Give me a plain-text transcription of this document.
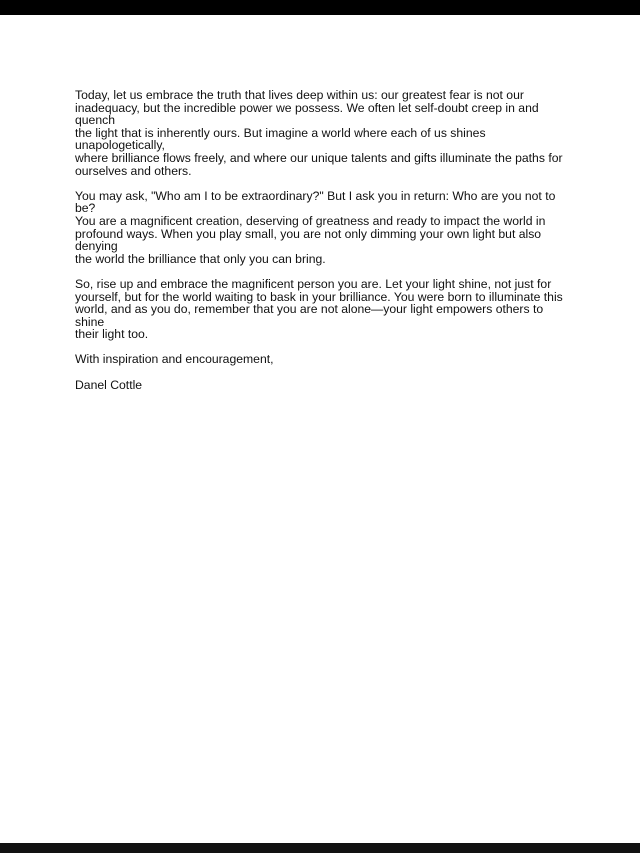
Today, let us embrace the truth that lives deep within us: our greatest fear is not our
inadequacy, but the incredible power we possess. We often let self-doubt creep in and quench
the light that is inherently ours. But imagine a world where each of us shines unapologetically,
where brilliance flows freely, and where our unique talents and gifts illuminate the paths for
ourselves and others.

You may ask, "Who am I to be extraordinary?" But I ask you in return: Who are you not to be?
You are a magnificent creation, deserving of greatness and ready to impact the world in
profound ways. When you play small, you are not only dimming your own light but also denying
the world the brilliance that only you can bring.

So, rise up and embrace the magnificent person you are. Let your light shine, not just for
yourself, but for the world waiting to bask in your brilliance. You were born to illuminate this
world, and as you do, remember that you are not alone—your light empowers others to shine
their light too.

With inspiration and encouragement,

Danel Cottle
